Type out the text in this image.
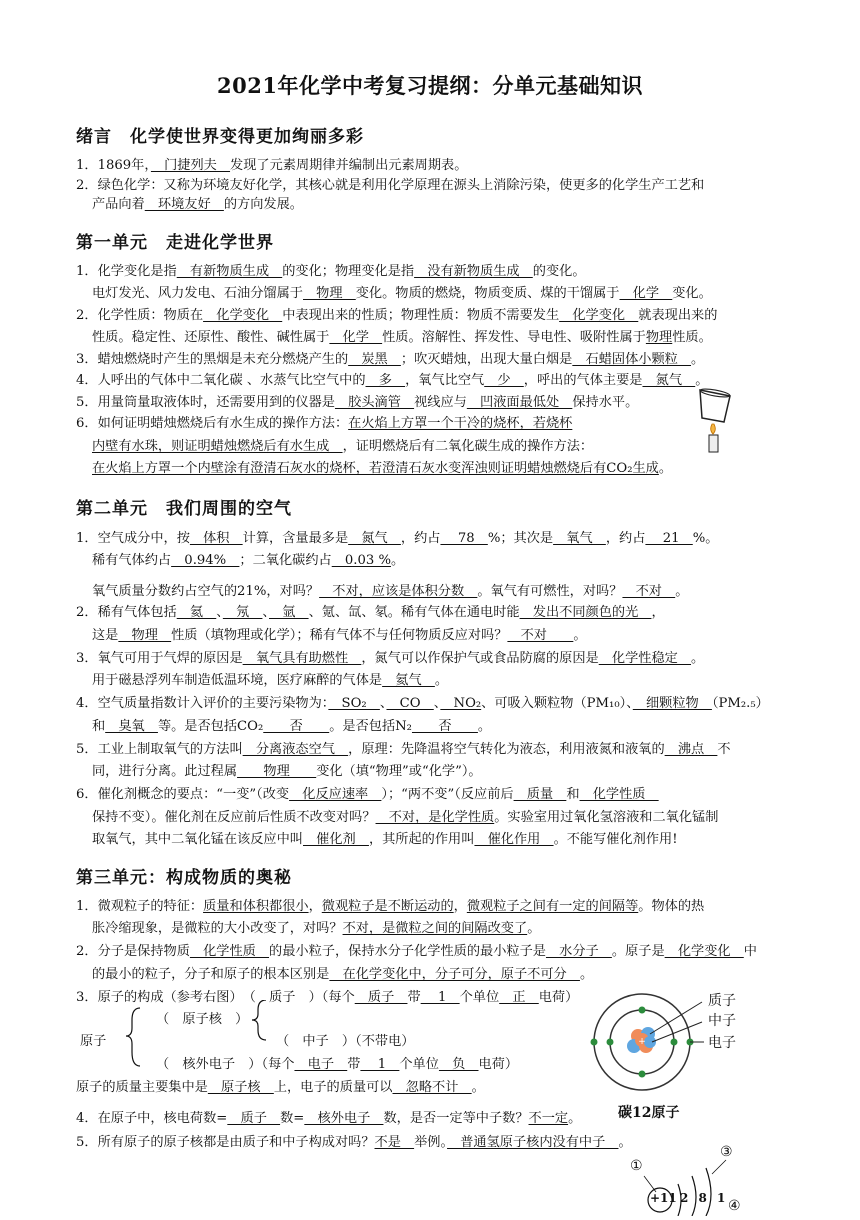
2021年化学中考复习提纲：分单元基础知识
绪言　化学使世界变得更加绚丽多彩
1．1869年，　门捷列夫　发现了元素周期律并编制出元素周期表。
2．绿色化学：又称为环境友好化学，其核心就是利用化学原理在源头上消除污染，使更多的化学生产工艺和
产品向着　环境友好　的方向发展。
第一单元　走进化学世界
1．化学变化是指　有新物质生成　的变化；物理变化是指　没有新物质生成　的变化。
电灯发光、风力发电、石油分馏属于　物理　变化。物质的燃烧，物质变质、煤的干馏属于　化学　变化。
2．化学性质：物质在　化学变化　中表现出来的性质；物理性质：物质不需要发生　化学变化　就表现出来的
性质。稳定性、还原性、酸性、碱性属于　化学　性质。溶解性、挥发性、导电性、吸附性属于物理性质。
3．蜡烛燃烧时产生的黑烟是未充分燃烧产生的　炭黑　；吹灭蜡烛，出现大量白烟是　石蜡固体小颗粒　。
4．人呼出的气体中二氧化碳 、水蒸气比空气中的　多　，氧气比空气　少　，呼出的气体主要是　氮气　。
5．用量筒量取液体时，还需要用到的仪器是　胶头滴管　视线应与　凹液面最低处　保持水平。
6．如何证明蜡烛燃烧后有水生成的操作方法：在火焰上方罩一个干冷的烧杯，若烧杯
内壁有水珠，则证明蜡烛燃烧后有水生成　，证明燃烧后有二氧化碳生成的操作方法：
在火焰上方罩一个内壁涂有澄清石灰水的烧杯，若澄清石灰水变浑浊则证明蜡烛燃烧后有CO₂生成。
第二单元　我们周围的空气
1．空气成分中，按　体积　计算，含量最多是　氮气　，约占　 78　%；其次是　氧气　，约占　 21　%。
稀有气体约占　0.94%　；二氧化碳约占　0.03 %。
氧气质量分数约占空气的21%，对吗？　不对，应该是体积分数　。氧气有可燃性，对吗？　不对　。
2．稀有气体包括　氦　、　氖　、　氩　、氪、氙、氡。稀有气体在通电时能　发出不同颜色的光　，
这是　物理　性质（填物理或化学）；稀有气体不与任何物质反应对吗？　不对　　。
3．氧气可用于气焊的原因是　氧气具有助燃性　，氮气可以作保护气或食品防腐的原因是　化学性稳定　。
用于磁悬浮列车制造低温环境，医疗麻醉的气体是　氦气　。
4．空气质量指数计入评价的主要污染物为：　SO₂　、　CO　、　NO₂、可吸入颗粒物（PM₁₀）、　细颗粒物　（PM₂.₅）
和　臭氧　等。是否包括CO₂　　否　　。是否包括N₂　　否　　。
5．工业上制取氧气的方法叫　分离液态空气　，原理：先降温将空气转化为液态，利用液氮和液氧的　沸点　不
同，进行分离。此过程属　　物理　　变化（填“物理”或“化学”）。
6．催化剂概念的要点：“一变”（改变　化反应速率　）；“两不变”（反应前后　质量　和　化学性质　
保持不变）。催化剂在反应前后性质不改变对吗？　不对，是化学性质。实验室用过氧化氢溶液和二氧化锰制
取氧气，其中二氧化锰在该反应中叫　催化剂　，其所起的作用叫　催化作用　。不能写催化剂作用!
第三单元：构成物质的奥秘
1．微观粒子的特征：质量和体积都很小，微观粒子是不断运动的，微观粒子之间有一定的间隔等。物体的热
胀冷缩现象，是微粒的大小改变了，对吗？不对，是微粒之间的间隔改变了。
2．分子是保持物质　化学性质　的最小粒子，保持水分子化学性质的最小粒子是　水分子　。原子是　化学变化　中
的最小的粒子，分子和原子的根本区别是　在化学变化中，分子可分，原子不可分　。
3．原子的构成（参考右图）　（　质子　）（每个　质子　带　 1　个单位　正　电荷）
（　原子核　）
（　中子　）（不带电）
原子
（　核外电子　）（每个　电子　带　 1　个单位　负　电荷）
原子的质量主要集中是　原子核　上，电子的质量可以　忽略不计　。
4．在原子中，核电荷数=　质子　数=　核外电子　数，是否一定等中子数？不一定。
5．所有原子的原子核都是由质子和中子构成对吗？不是　举例。　普通氢原子核内没有中子　。
+
质子
中子
电子
碳12原子
①
③
+11 2 8 1 ④
